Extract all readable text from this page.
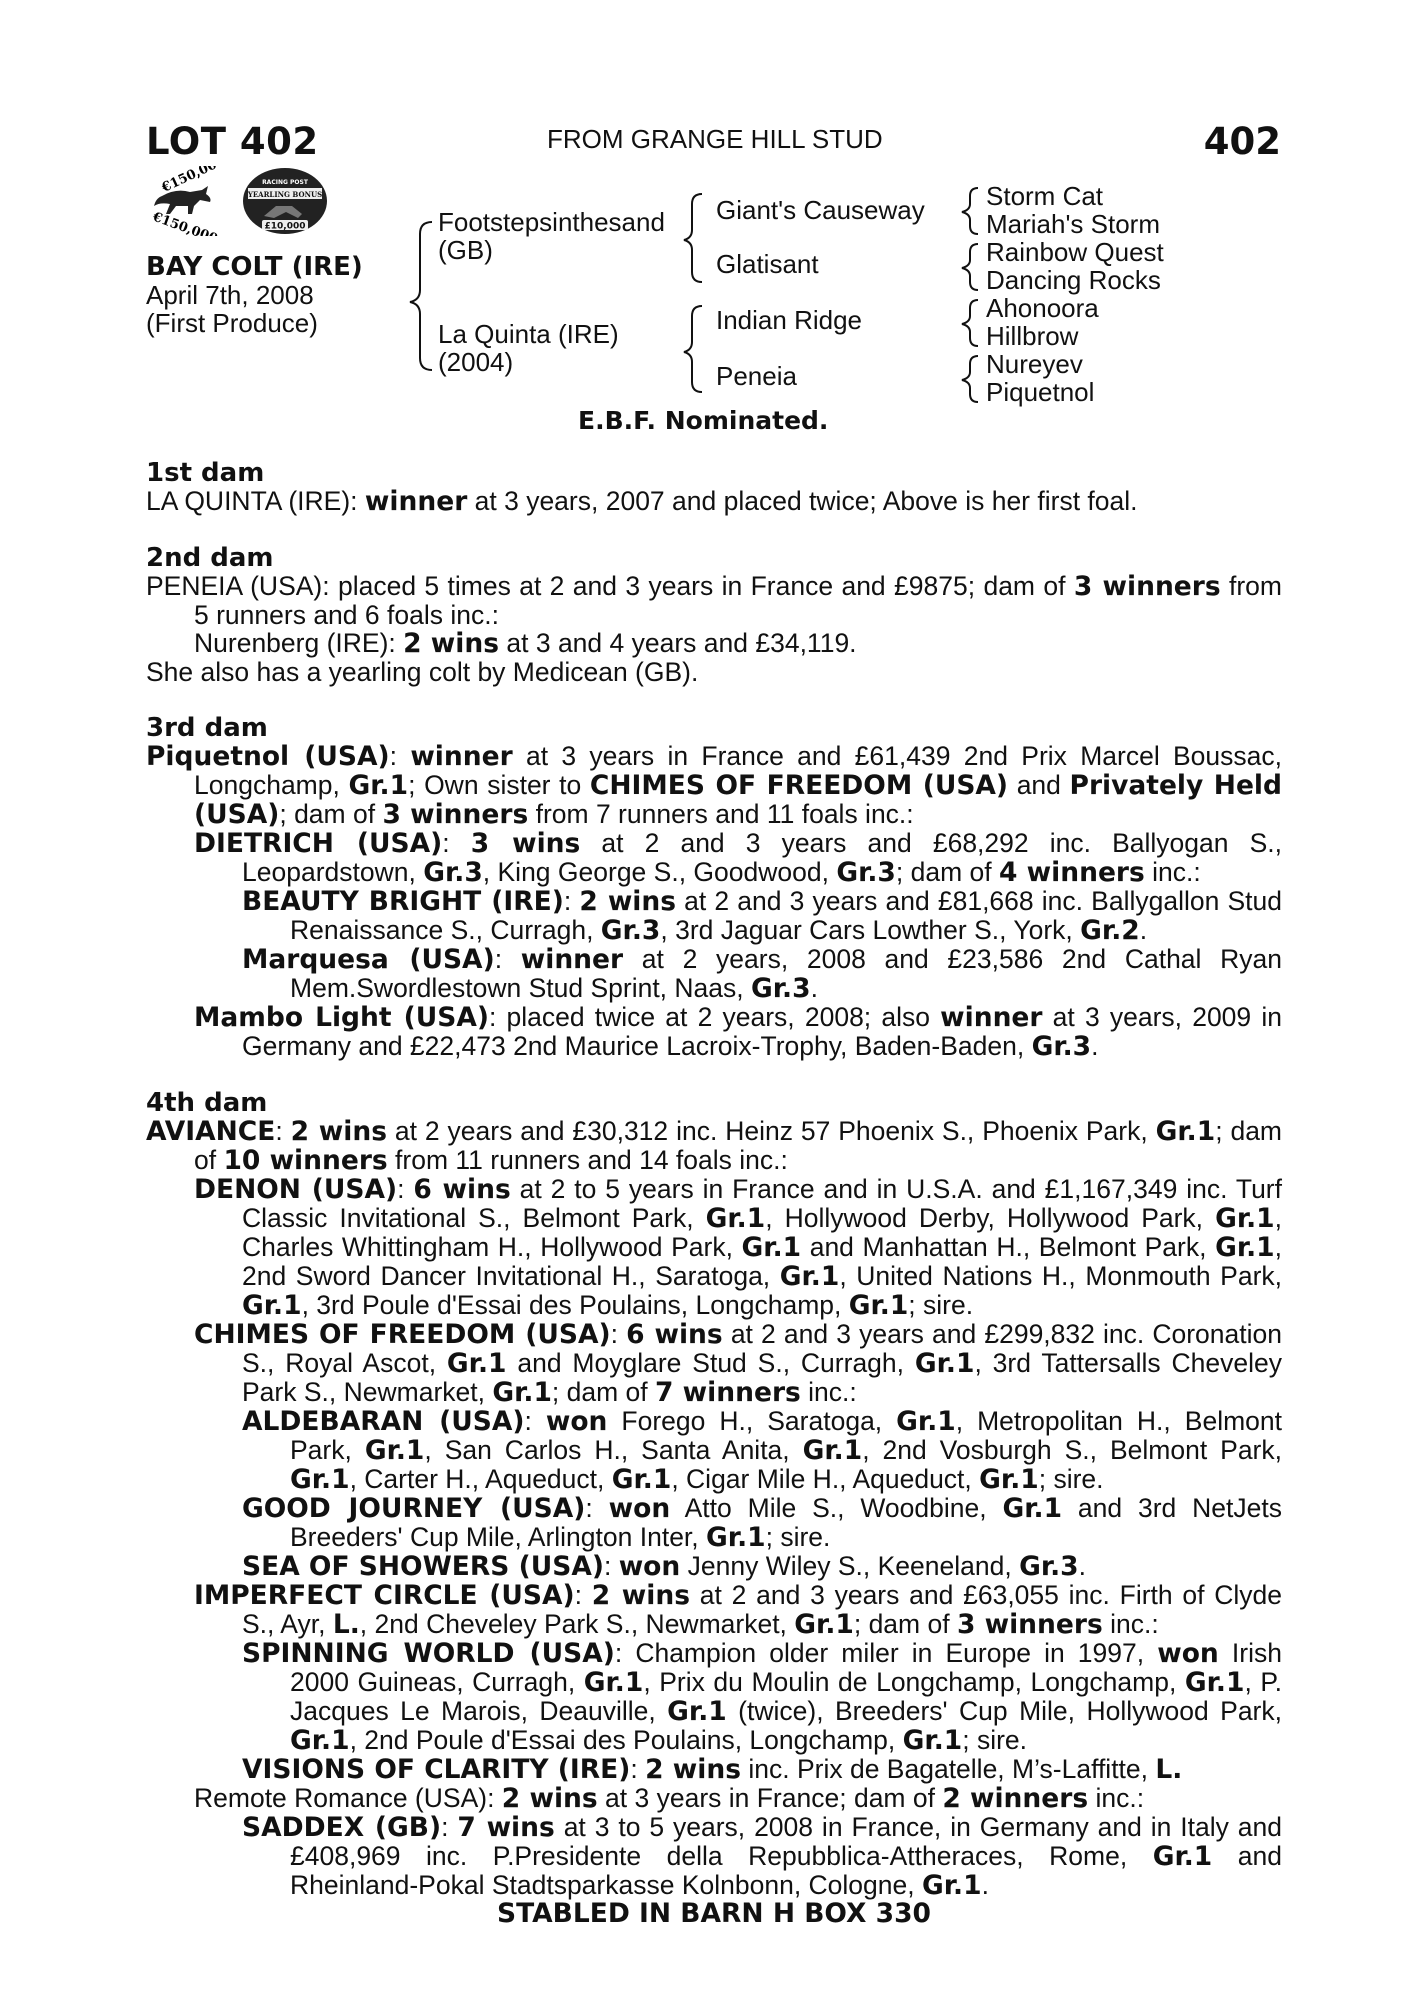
LOT 402	FROM GRANGE HILL STUD	402
€150,000
€150,000
RACING POST
YEARLING BONUS
£10,000
BAY COLT (IRE)
April 7th, 2008
(First Produce)
Footstepsinthesand
(GB)
La Quinta (IRE)
(2004)
Giant's Causeway
Glatisant
Indian Ridge
Peneia
Storm Cat
Mariah's Storm
Rainbow Quest
Dancing Rocks
Ahonoora
Hillbrow
Nureyev
Piquetnol
E.B.F. Nominated.

1st dam

LA QUINTA (IRE): winner at 3 years, 2007 and placed twice; Above is her first foal.

2nd dam

PENEIA (USA): placed 5 times at 2 and 3 years in France and £9875; dam of 3 winners from 5 runners and 6 foals inc.:

Nurenberg (IRE): 2 wins at 3 and 4 years and £34,119.

She also has a yearling colt by Medicean (GB).

3rd dam

Piquetnol (USA): winner at 3 years in France and £61,439 2nd Prix Marcel Boussac, Longchamp, Gr.1; Own sister to CHIMES OF FREEDOM (USA) and Privately Held (USA); dam of 3 winners from 7 runners and 11 foals inc.:

DIETRICH (USA): 3 wins at 2 and 3 years and £68,292 inc. Ballyogan S., Leopardstown, Gr.3, King George S., Goodwood, Gr.3; dam of 4 winners inc.:

BEAUTY BRIGHT (IRE): 2 wins at 2 and 3 years and £81,668 inc. Ballygallon Stud Renaissance S., Curragh, Gr.3, 3rd Jaguar Cars Lowther S., York, Gr.2.

Marquesa (USA): winner at 2 years, 2008 and £23,586 2nd Cathal Ryan Mem.Swordlestown Stud Sprint, Naas, Gr.3.

Mambo Light (USA): placed twice at 2 years, 2008; also winner at 3 years, 2009 in Germany and £22,473 2nd Maurice Lacroix-Trophy, Baden-Baden, Gr.3.

4th dam

AVIANCE: 2 wins at 2 years and £30,312 inc. Heinz 57 Phoenix S., Phoenix Park, Gr.1; dam of 10 winners from 11 runners and 14 foals inc.:

DENON (USA): 6 wins at 2 to 5 years in France and in U.S.A. and £1,167,349 inc. Turf Classic Invitational S., Belmont Park, Gr.1, Hollywood Derby, Hollywood Park, Gr.1, Charles Whittingham H., Hollywood Park, Gr.1 and Manhattan H., Belmont Park, Gr.1, 2nd Sword Dancer Invitational H., Saratoga, Gr.1, United Nations H., Monmouth Park, Gr.1, 3rd Poule d'Essai des Poulains, Longchamp, Gr.1; sire.

CHIMES OF FREEDOM (USA): 6 wins at 2 and 3 years and £299,832 inc. Coronation S., Royal Ascot, Gr.1 and Moyglare Stud S., Curragh, Gr.1, 3rd Tattersalls Cheveley Park S., Newmarket, Gr.1; dam of 7 winners inc.:

ALDEBARAN (USA): won Forego H., Saratoga, Gr.1, Metropolitan H., Belmont Park, Gr.1, San Carlos H., Santa Anita, Gr.1, 2nd Vosburgh S., Belmont Park, Gr.1, Carter H., Aqueduct, Gr.1, Cigar Mile H., Aqueduct, Gr.1; sire.

GOOD JOURNEY (USA): won Atto Mile S., Woodbine, Gr.1 and 3rd NetJets Breeders' Cup Mile, Arlington Inter, Gr.1; sire.

SEA OF SHOWERS (USA): won Jenny Wiley S., Keeneland, Gr.3.

IMPERFECT CIRCLE (USA): 2 wins at 2 and 3 years and £63,055 inc. Firth of Clyde S., Ayr, L., 2nd Cheveley Park S., Newmarket, Gr.1; dam of 3 winners inc.:

SPINNING WORLD (USA): Champion older miler in Europe in 1997, won Irish 2000 Guineas, Curragh, Gr.1, Prix du Moulin de Longchamp, Longchamp, Gr.1, P. Jacques Le Marois, Deauville, Gr.1 (twice), Breeders' Cup Mile, Hollywood Park, Gr.1, 2nd Poule d'Essai des Poulains, Longchamp, Gr.1; sire.

VISIONS OF CLARITY (IRE): 2 wins inc. Prix de Bagatelle, M’s-Laffitte, L.

Remote Romance (USA): 2 wins at 3 years in France; dam of 2 winners inc.:

SADDEX (GB): 7 wins at 3 to 5 years, 2008 in France, in Germany and in Italy and £408,969 inc. P.Presidente della Repubblica-Attheraces, Rome, Gr.1 and Rheinland-Pokal Stadtsparkasse Kolnbonn, Cologne, Gr.1.

STABLED IN BARN H BOX 330
